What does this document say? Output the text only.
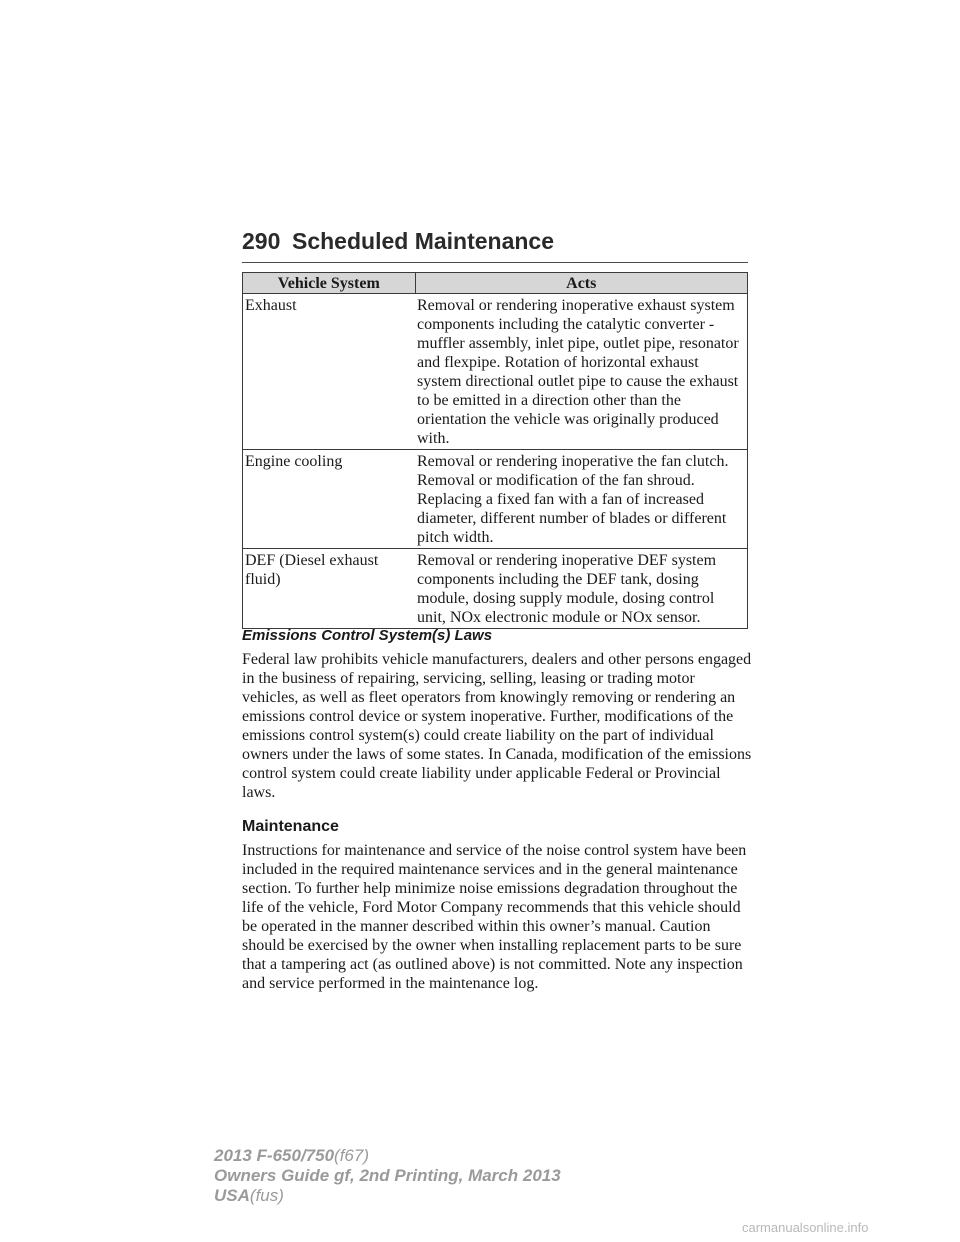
290 Scheduled Maintenance
Vehicle System	Acts
Exhaust	Removal or rendering inoperative exhaust system components including the catalytic converter - muffler assembly, inlet pipe, outlet pipe, resonator and flexpipe. Rotation of horizontal exhaust system directional outlet pipe to cause the exhaust to be emitted in a direction other than the orientation the vehicle was originally produced with.
Engine cooling	Removal or rendering inoperative the fan clutch. Removal or modification of the fan shroud. Replacing a fixed fan with a fan of increased diameter, different number of blades or different pitch width.
DEF (Diesel exhaust fluid)	Removal or rendering inoperative DEF system components including the DEF tank, dosing module, dosing supply module, dosing control unit, NOx electronic module or NOx sensor.
Emissions Control System(s) Laws

Federal law prohibits vehicle manufacturers, dealers and other persons engaged in the business of repairing, servicing, selling, leasing or trading motor vehicles, as well as fleet operators from knowingly removing or rendering an emissions control device or system inoperative. Further, modifications of the emissions control system(s) could create liability on the part of individual owners under the laws of some states. In Canada, modification of the emissions control system could create liability under applicable Federal or Provincial laws.

Maintenance

Instructions for maintenance and service of the noise control system have been included in the required maintenance services and in the general maintenance section. To further help minimize noise emissions degradation throughout the life of the vehicle, Ford Motor Company recommends that this vehicle should be operated in the manner described within this owner’s manual. Caution should be exercised by the owner when installing replacement parts to be sure that a tampering act (as outlined above) is not committed. Note any inspection and service performed in the maintenance log.

2013 F-650/750(f67)
Owners Guide gf, 2nd Printing, March 2013
USA(fus)
carmanualsonline.info
